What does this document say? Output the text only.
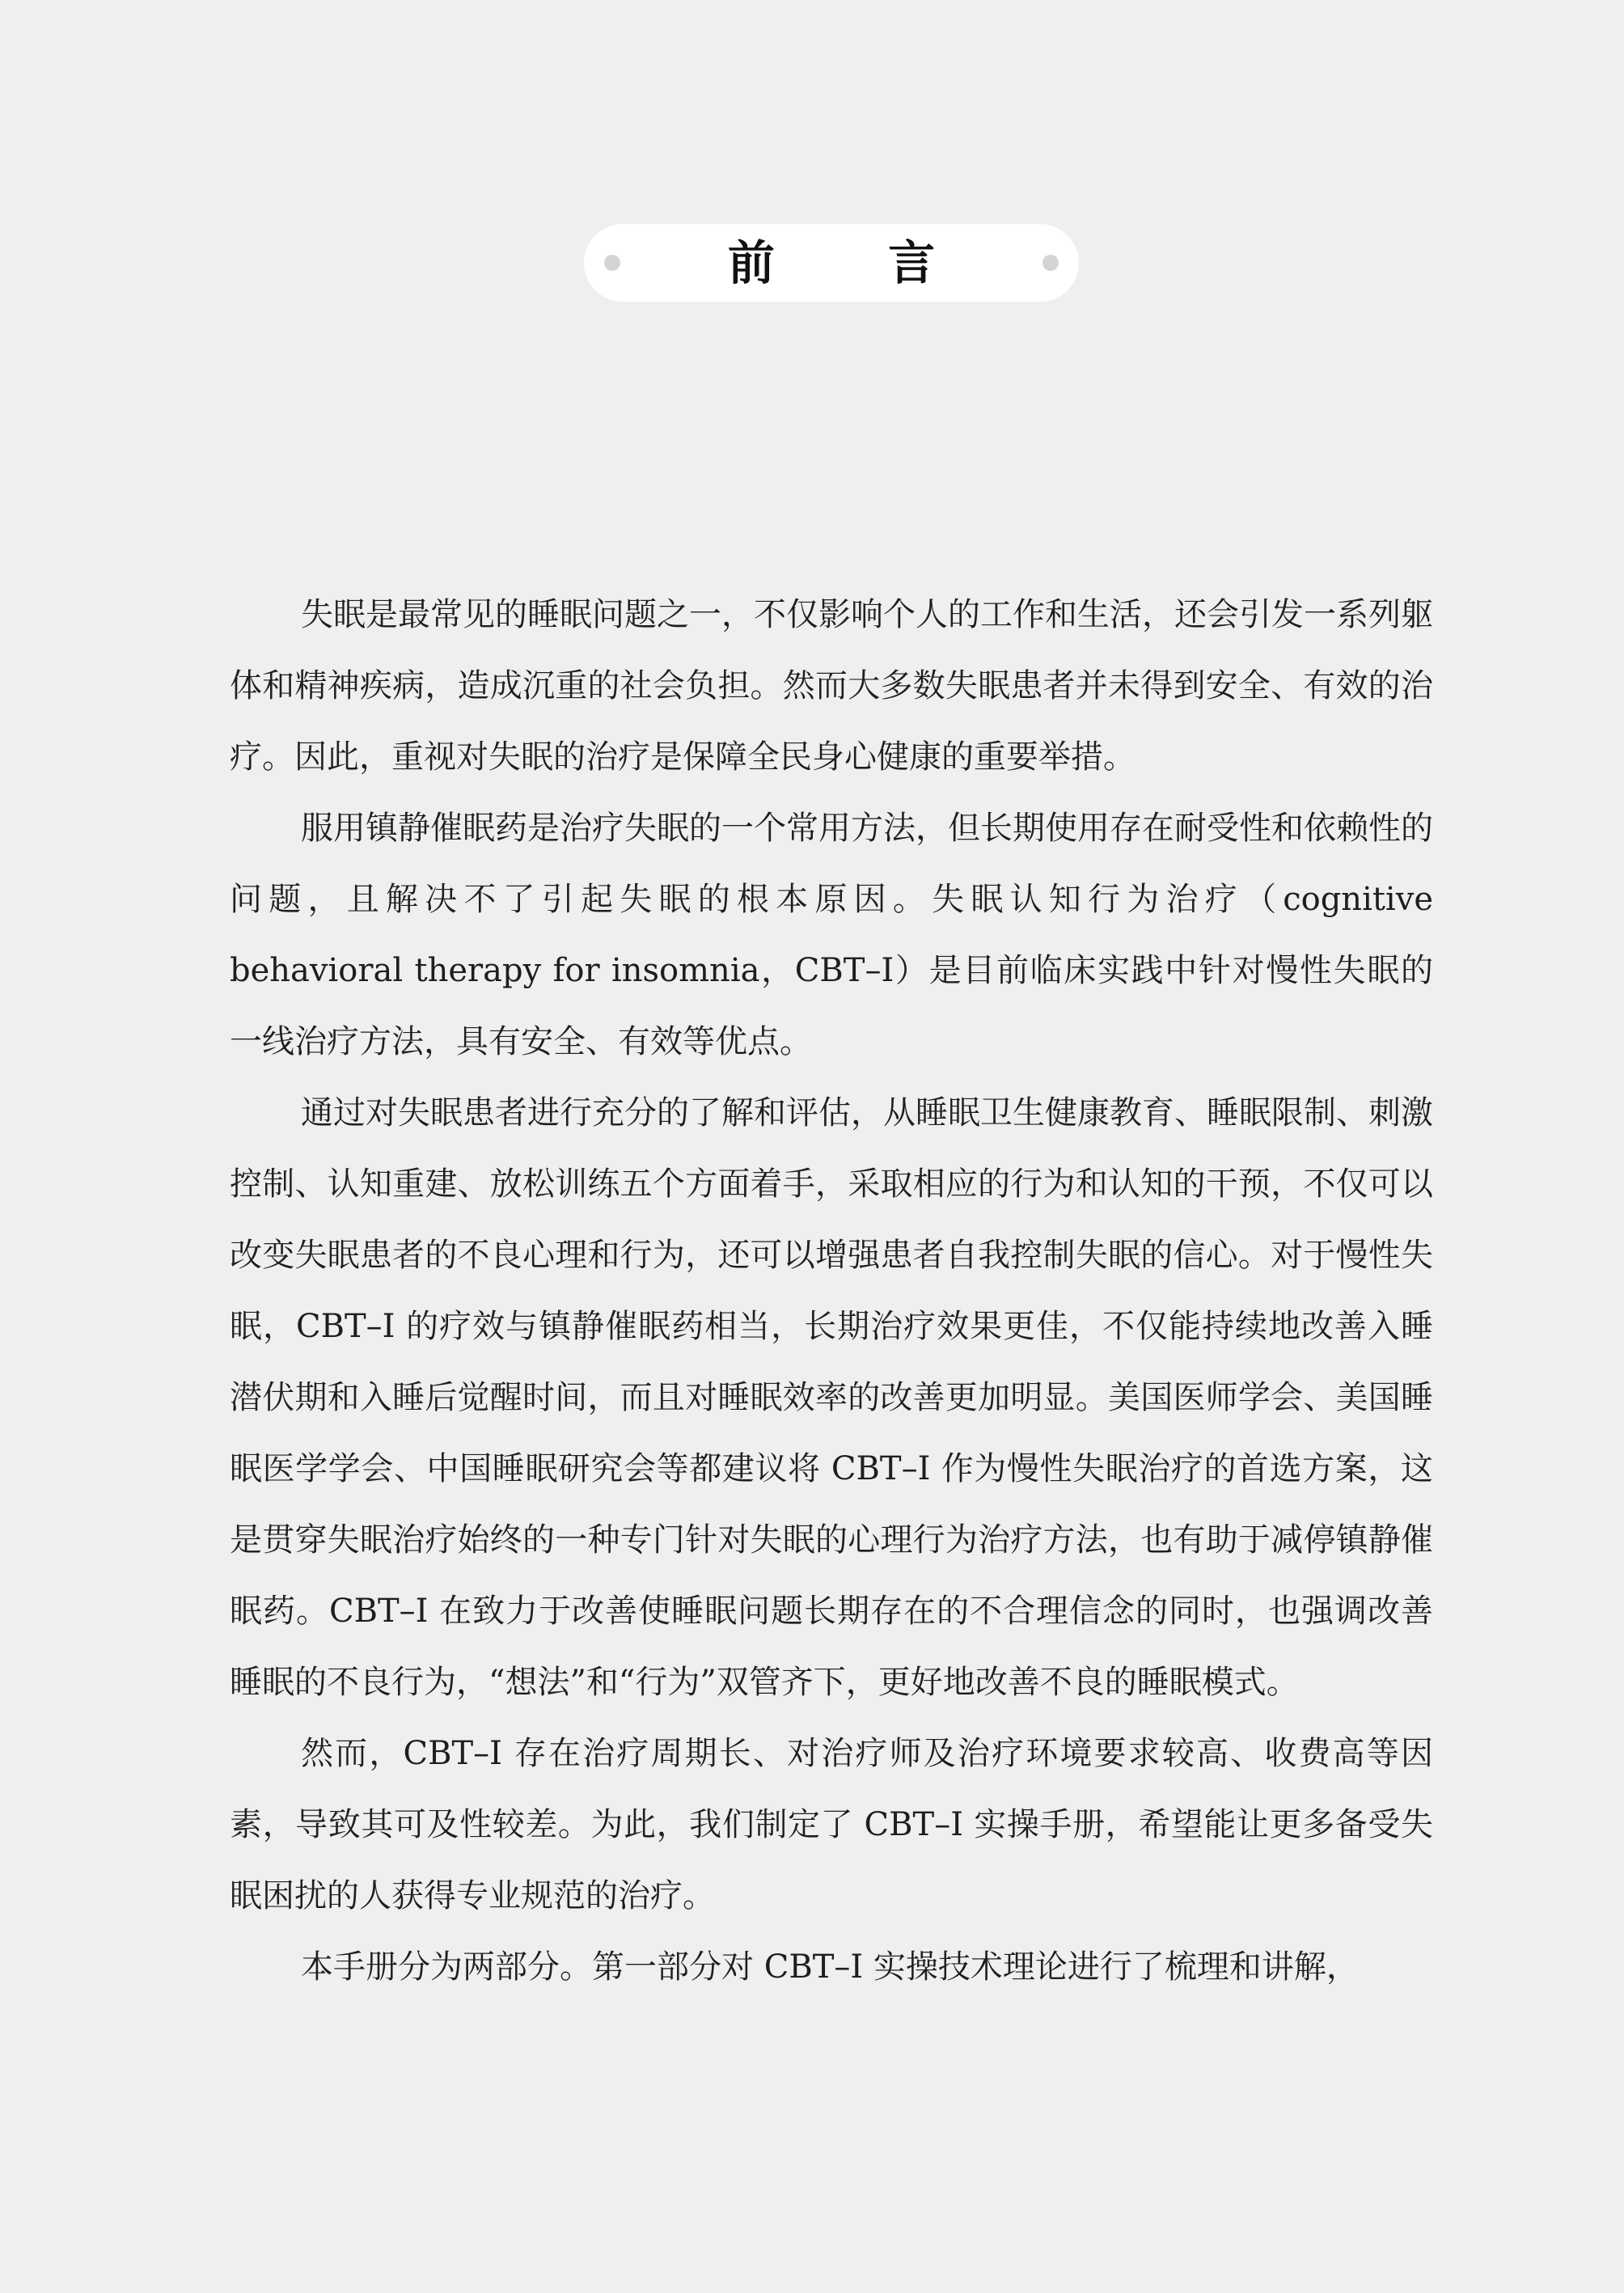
前 言

失眠是最常见的睡眠问题之一，不仅影响个人的工作和生活，还会引发一系列躯体和精神疾病，造成沉重的社会负担。然而大多数失眠患者并未得到安全、有效的治疗。因此，重视对失眠的治疗是保障全民身心健康的重要举措。

服用镇静催眠药是治疗失眠的一个常用方法，但长期使用存在耐受性和依赖性的问题，且解决不了引起失眠的根本原因。失眠认知行为治疗（cognitive behavioral therapy for insomnia，CBT–I）是目前临床实践中针对慢性失眠的一线治疗方法，具有安全、有效等优点。

通过对失眠患者进行充分的了解和评估，从睡眠卫生健康教育、睡眠限制、刺激控制、认知重建、放松训练五个方面着手，采取相应的行为和认知的干预，不仅可以改变失眠患者的不良心理和行为，还可以增强患者自我控制失眠的信心。对于慢性失眠，CBT–I 的疗效与镇静催眠药相当，长期治疗效果更佳，不仅能持续地改善入睡潜伏期和入睡后觉醒时间，而且对睡眠效率的改善更加明显。美国医师学会、美国睡眠医学学会、中国睡眠研究会等都建议将 CBT–I 作为慢性失眠治疗的首选方案，这是贯穿失眠治疗始终的一种专门针对失眠的心理行为治疗方法，也有助于减停镇静催眠药。CBT–I 在致力于改善使睡眠问题长期存在的不合理信念的同时，也强调改善睡眠的不良行为，“想法”和“行为”双管齐下，更好地改善不良的睡眠模式。

然而，CBT–I 存在治疗周期长、对治疗师及治疗环境要求较高、收费高等因素，导致其可及性较差。为此，我们制定了 CBT–I 实操手册，希望能让更多备受失眠困扰的人获得专业规范的治疗。

本手册分为两部分。第一部分对 CBT–I 实操技术理论进行了梳理和讲解，
